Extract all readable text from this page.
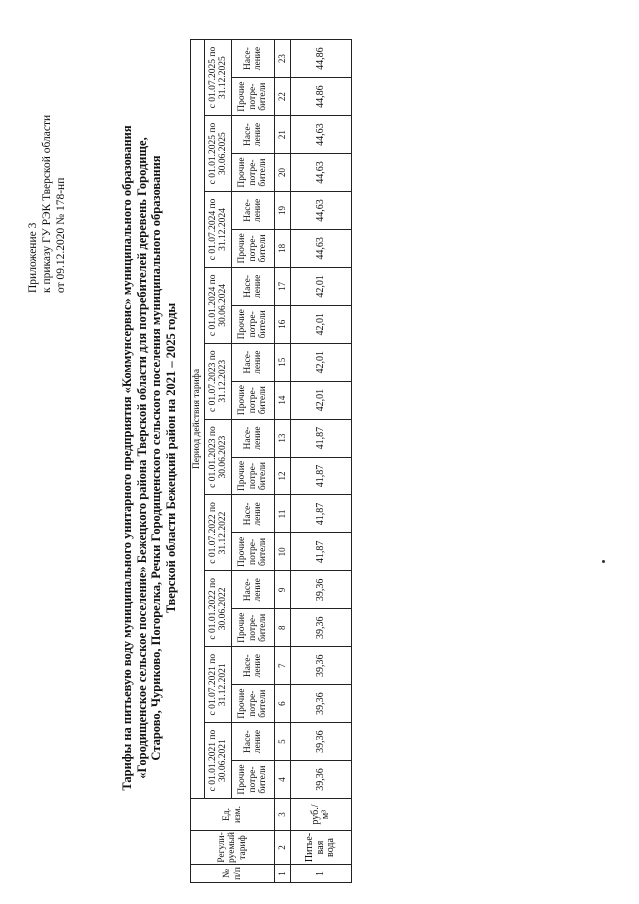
Приложение 3 к приказу ГУ РЭК Тверской области от 09.12.2020 № 178-нп	Тарифы на питьевую воду муниципального унитарного предприятия «Коммунсервис» муниципального образования «Городищенское сельское поселение» Бежецкого района Тверской области для потребителей деревень Городище, Старово, Чуриково, Погорелка, Речки Городищенского сельского поселения муниципального образования Тверской области Бежецкий район на 2021 – 2025 годы
№ п/п	Регули-руемый тариф	Ед. изм.	Период действия тарифа																			
			с 01.01.2021 по 30.06.2021		с 01.07.2021 по 31.12.2021		с 01.01.2022 по 30.06.2022		с 01.07.2022 по 31.12.2022		с 01.01.2023 по 30.06.2023		с 01.07.2023 по 31.12.2023		с 01.01.2024 по 30.06.2024		с 01.07.2024 по 31.12.2024		с 01.01.2025 по 30.06.2025		с 01.07.2025 по 31.12.2025	
			Прочие потре-бители	Насе-ление	Прочие потре-бители	Насе-ление	Прочие потре-бители	Насе-ление	Прочие потре-бители	Насе-ление	Прочие потре-бители	Насе-ление	Прочие потре-бители	Насе-ление	Прочие потре-бители	Насе-ление	Прочие потре-бители	Насе-ление	Прочие потре-бители	Насе-ление	Прочие потре-бители	Насе-ление
1	2	3	4	5	6	7	8	9	10	11	12	13	14	15	16	17	18	19	20	21	22	23
1	Питье-вая вода	руб./м³	39,36	39,36	39,36	39,36	39,36	39,36	41,87	41,87	41,87	41,87	42,01	42,01	42,01	42,01	44,63	44,63	44,63	44,63	44,86	44,86
